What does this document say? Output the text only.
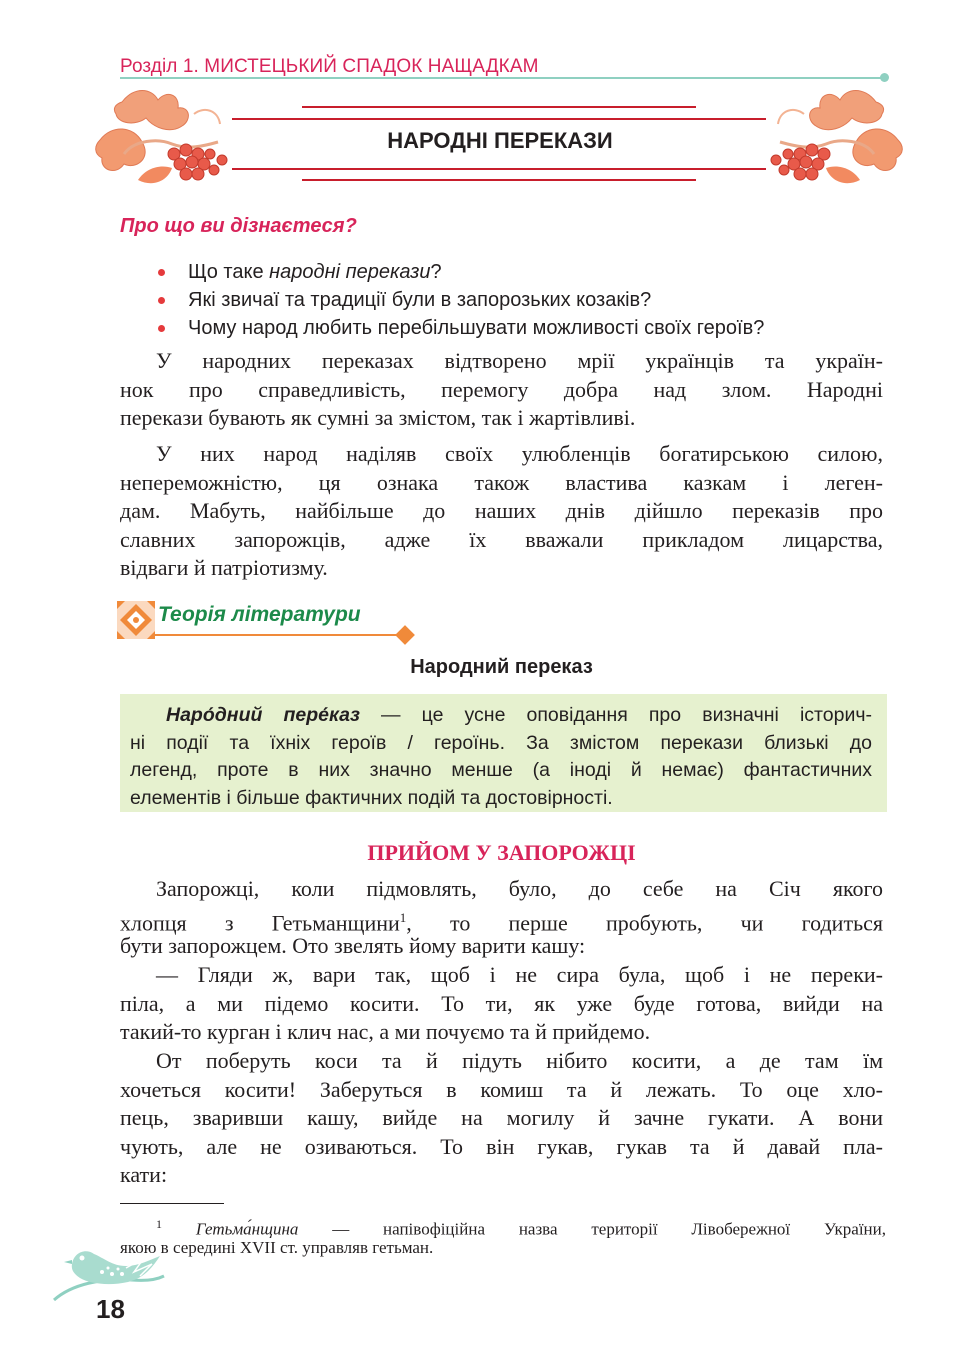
Розділ 1. МИСТЕЦЬКИЙ СПАДОК НАЩАДКАМ
НАРОДНІ ПЕРЕКАЗИ
Про що ви дізнаєтеся?
Що таке народні перекази?
Які звичаї та традиції були в запорозьких козаків?
Чому народ любить перебільшувати можливості своїх героїв?
У народних переказах відтворено мрії українців та україн-
нок про справедливість, перемогу добра над злом. Народні
перекази бувають як сумні за змістом, так і жартівливі.
У них народ наділяв своїх улюбленців богатирською силою,
непереможністю, ця ознака також властива казкам і леген-
дам. Мабуть, найбільше до наших днів дійшло переказів про
славних запорожців, адже їх вважали прикладом лицарства,
відваги й патріотизму.
Теорія літератури
Народний переказ
Наро́дний пере́каз — це усне оповідання про визначні історич-
ні події та їхніх героїв / героїнь. За змістом перекази близькі до
легенд, проте в них значно менше (а іноді й немає) фантастичних
елементів і більше фактичних подій та достовірності.
ПРИЙОМ У ЗАПОРОЖЦІ
Запорожці, коли підмовлять, було, до себе на Січ якого
хлопця з Гетьманщини$^1$, то перше пробують, чи годиться
бути запорожцем. Ото звелять йому варити кашу:
— Гляди ж, вари так, щоб і не сира була, щоб і не переки-
піла, а ми підемо косити. То ти, як уже буде готова, вийди на
такий-то курган і клич нас, а ми почуємо та й прийдемо.
От поберуть коси та й підуть нібито косити, а де там їм
хочеться косити! Заберуться в комиш та й лежать. То оце хло-
пець, зваривши кашу, вийде на могилу й зачне гукати. А вони
чують, але не озиваються. То він гукав, гукав та й давай пла-
кати:
$^1$ Гетьма́нщина — напівофіційна назва території Лівобережної України,
якою в середині XVII ст. управляв гетьман.
18
